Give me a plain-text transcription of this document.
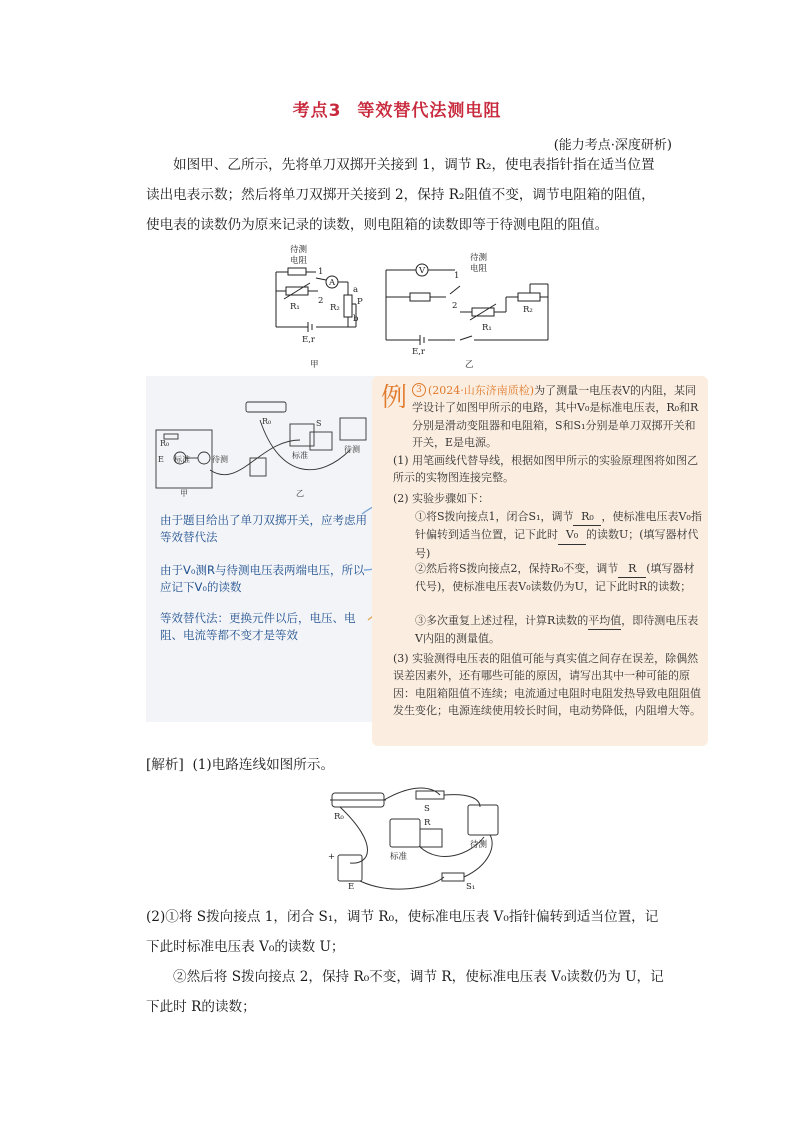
考点3 等效替代法测电阻
(能力考点·深度研析)
如图甲、乙所示，先将单刀双掷开关接到 1，调节 R₂，使电表指针指在适当位置读出电表示数；然后将单刀双掷开关接到 2，保持 R₂阻值不变，调节电阻箱的阻值，使电表的读数仍为原来记录的读数，则电阻箱的读数即等于待测电阻的阻值。
待测
电阻
A
R₁	R₂
a
b
P
1
2
E,r
甲
V
待测
电阻
1
2
R₁
R₂
E,r
乙
R₀
E 标准	待测
甲	乙
标准
待测
R₀	S
由于题目给出了单刀双掷开关，应考虑用等效替代法
由于V₀测R与待测电压表两端电压，所以应记下V₀的读数
等效替代法：更换元件以后，电压、电阻、电流等都不变才是等效
例	3 (2024·山东济南质检)为了测量一电压表V的内阻，某同学设计了如图甲所示的电路，其中V₀是标准电压表，R₀和R分别是滑动变阻器和电阻箱，S和S₁分别是单刀双掷开关和开关，E是电源。
(1) 用笔画线代替导线，根据如图甲所示的实验原理图将如图乙所示的实物图连接完整。
(2) 实验步骤如下：
①将S拨向接点1，闭合S₁，调节 R₀ ，使标准电压表V₀指针偏转到适当位置，记下此时 V₀ 的读数U；(填写器材代号)
②然后将S拨向接点2，保持R₀不变，调节 R (填写器材代号)，使标准电压表V₀读数仍为U，记下此时R的读数；
③多次重复上述过程，计算R读数的平均值，即待测电压表V内阻的测量值。
(3) 实验测得电压表的阻值可能与真实值之间存在误差，除偶然误差因素外，还有哪些可能的原因，请写出其中一种可能的原因：电阻箱阻值不连续；电流通过电阻时电阻发热导致电阻阻值发生变化；电源连续使用较长时间，电动势降低，内阻增大等。
[解析] (1)电路连线如图所示。
R₀
S
R
标准
待测
E
+
S₁
(2)①将 S拨向接点 1，闭合 S₁，调节 R₀，使标准电压表 V₀指针偏转到适当位置，记下此时标准电压表 V₀的读数 U；
②然后将 S拨向接点 2，保持 R₀不变，调节 R，使标准电压表 V₀读数仍为 U，记下此时 R的读数；
